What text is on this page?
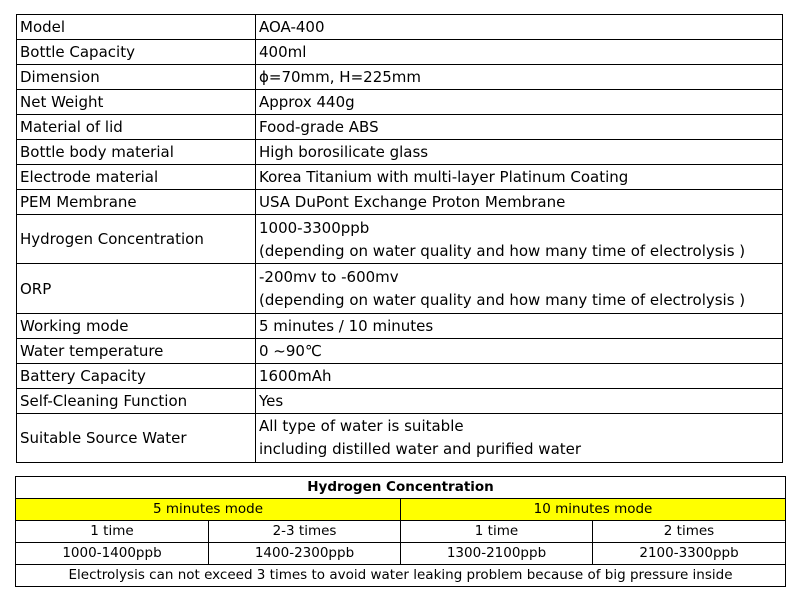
Model	AOA-400

Bottle Capacity	400ml

Dimension	ϕ=70mm, H=225mm

Net Weight	Approx 440g

Material of lid	Food-grade ABS

Bottle body material	High borosilicate glass

Electrode material	Korea Titanium with multi-layer Platinum Coating

PEM Membrane	USA DuPont Exchange Proton Membrane

Hydrogen Concentration	1000-3300ppb
(depending on water quality and how many time of electrolysis )

ORP	-200mv to -600mv
(depending on water quality and how many time of electrolysis )

Working mode	5 minutes / 10 minutes

Water temperature	0 ~90℃

Battery Capacity	1600mAh

Self-Cleaning Function	Yes

Suitable Source Water	All type of water is suitable
including distilled water and purified water
Hydrogen Concentration			
5 minutes mode		10 minutes mode	
1 time	2-3 times	1 time	2 times
1000-1400ppb	1400-2300ppb	1300-2100ppb	2100-3300ppb
Electrolysis can not exceed 3 times to avoid water leaking problem because of big pressure inside			
